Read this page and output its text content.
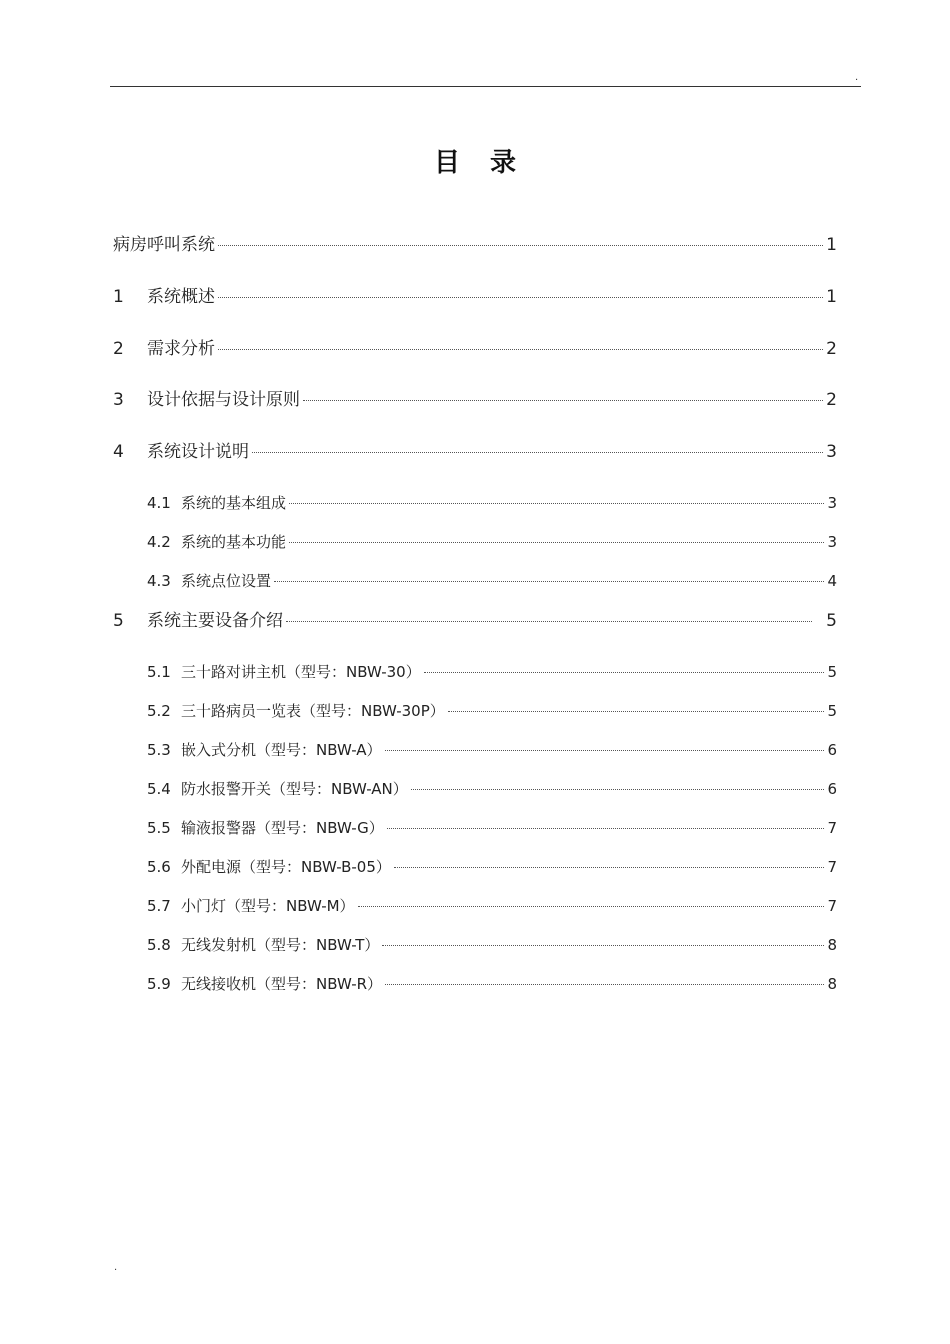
.
目录
病房呼叫系统	1
1	系统概述	1
2	需求分析	2
3	设计依据与设计原则	2
4	系统设计说明	3
4.1 系统的基本组成	3
4.2 系统的基本功能	3
4.3 系统点位设置	4
5	系统主要设备介绍	5
5.1 三十路对讲主机（型号：NBW-30）	5
5.2 三十路病员一览表（型号：NBW-30P）	5
5.3 嵌入式分机（型号：NBW-A）	6
5.4 防水报警开关（型号：NBW-AN）	6
5.5 输液报警器（型号：NBW-G）	7
5.6 外配电源（型号：NBW-B-05）	7
5.7 小门灯（型号：NBW-M）	7
5.8 无线发射机（型号：NBW-T）	8
5.9 无线接收机（型号：NBW-R）	8
.
